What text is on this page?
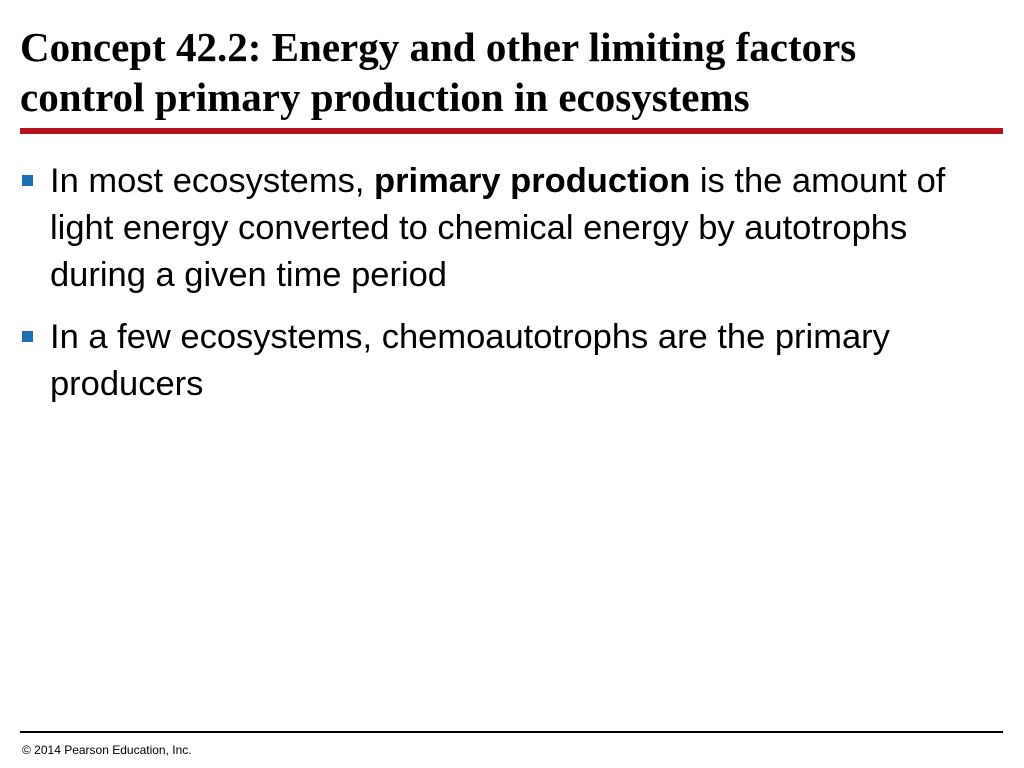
Concept 42.2: Energy and other limiting factors
control primary production in ecosystems

In most ecosystems, primary production is the amount of light energy converted to chemical energy by autotrophs during a given time period

In a few ecosystems, chemoautotrophs are the primary producers

© 2014 Pearson Education, Inc.
